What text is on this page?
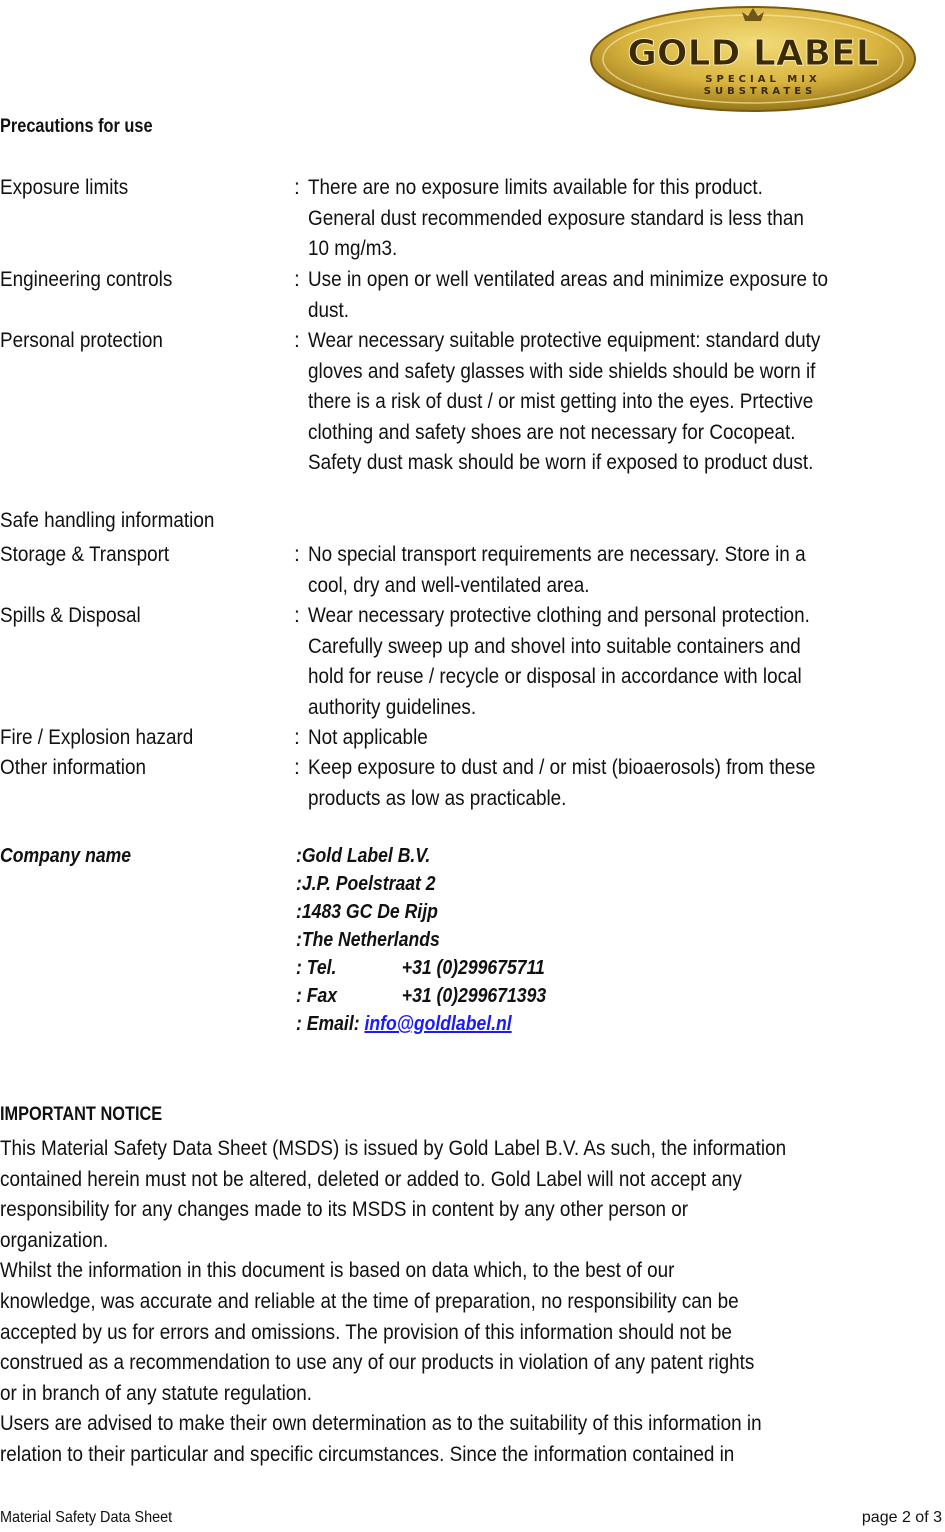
GOLD LABEL
SPECIAL MIX
SUBSTRATES
Precautions for use
Exposure limits	: There are no exposure limits available for this product.
General dust recommended exposure standard is less than
10 mg/m3.
Engineering controls	: Use in open or well ventilated areas and minimize exposure to
dust.
Personal protection	: Wear necessary suitable protective equipment: standard duty
gloves and safety glasses with side shields should be worn if
there is a risk of dust / or mist getting into the eyes. Prtective
clothing and safety shoes are not necessary for Cocopeat.
Safety dust mask should be worn if exposed to product dust.
Safe handling information
Storage & Transport	: No special transport requirements are necessary. Store in a
cool, dry and well-ventilated area.
Spills & Disposal	: Wear necessary protective clothing and personal protection.
Carefully sweep up and shovel into suitable containers and
hold for reuse / recycle or disposal in accordance with local
authority guidelines.
Fire / Explosion hazard	: Not applicable
Other information	: Keep exposure to dust and / or mist (bioaerosols) from these
products as low as practicable.
Company name	:Gold Label B.V.
:J.P. Poelstraat 2
:1483 GC De Rijp
:The Netherlands
: Tel.	+31 (0)299675711
: Fax	+31 (0)299671393
: Email: info@goldlabel.nl
IMPORTANT NOTICE
This Material Safety Data Sheet (MSDS) is issued by Gold Label B.V. As such, the information
contained herein must not be altered, deleted or added to. Gold Label will not accept any
responsibility for any changes made to its MSDS in content by any other person or
organization.
Whilst the information in this document is based on data which, to the best of our
knowledge, was accurate and reliable at the time of preparation, no responsibility can be
accepted by us for errors and omissions. The provision of this information should not be
construed as a recommendation to use any of our products in violation of any patent rights
or in branch of any statute regulation.
Users are advised to make their own determination as to the suitability of this information in
relation to their particular and specific circumstances. Since the information contained in
Material Safety Data Sheet	page 2 of 3
